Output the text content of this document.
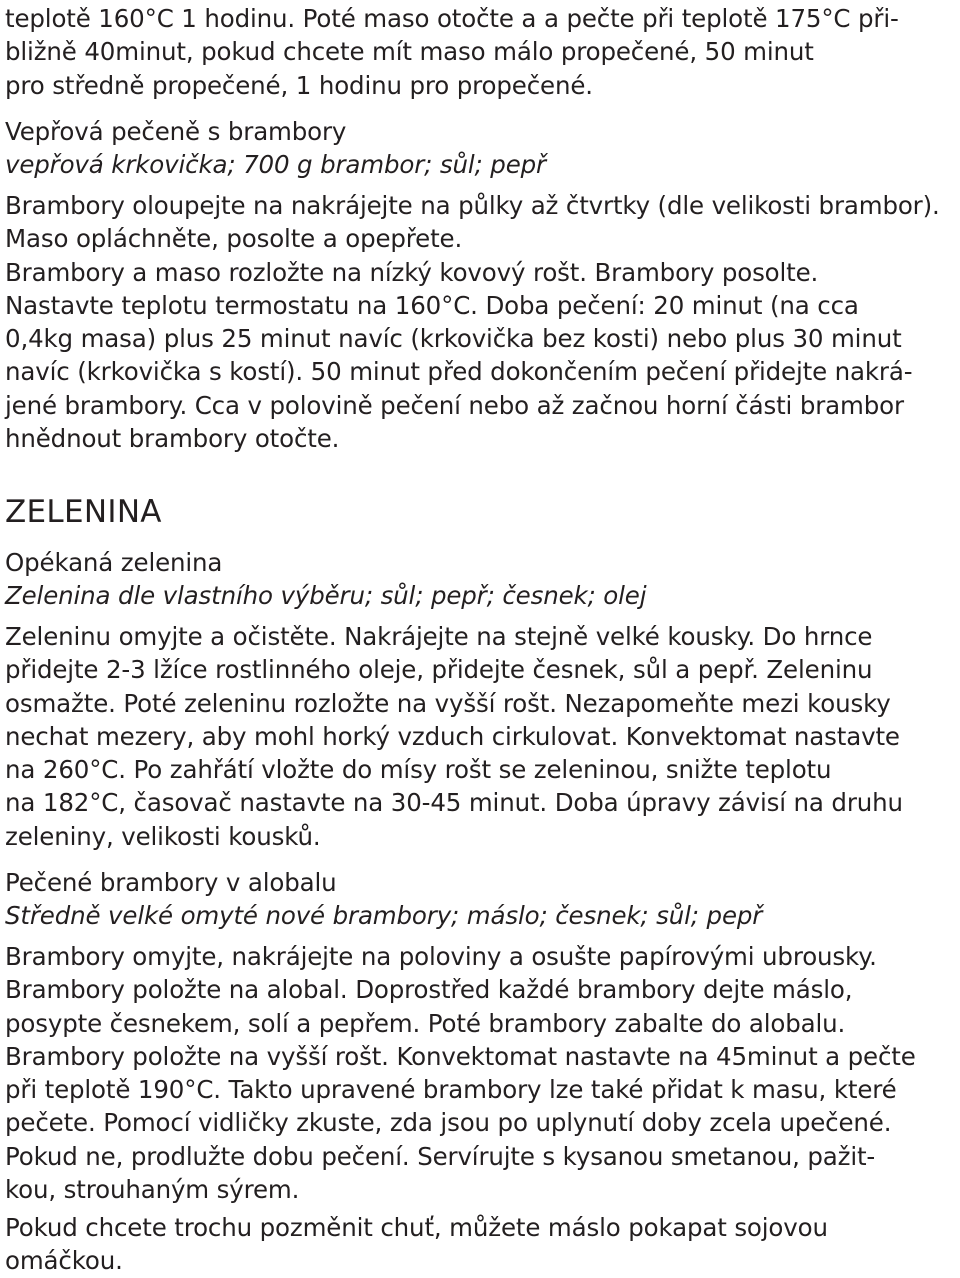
teplotě 160°C 1 hodinu. Poté maso otočte a a pečte při teplotě 175°C při-
bližně 40minut, pokud chcete mít maso málo propečené, 50 minut
pro středně propečené, 1 hodinu pro propečené.
Vepřová pečeně s brambory
vepřová krkovička; 700 g brambor; sůl; pepř
Brambory oloupejte na nakrájejte na půlky až čtvrtky (dle velikosti brambor).
Maso opláchněte, posolte a opepřete.
Brambory a maso rozložte na nízký kovový rošt. Brambory posolte.
Nastavte teplotu termostatu na 160°C. Doba pečení: 20 minut (na cca
0,4kg masa) plus 25 minut navíc (krkovička bez kosti) nebo plus 30 minut
navíc (krkovička s kostí). 50 minut před dokončením pečení přidejte nakrá-
jené brambory. Cca v polovině pečení nebo až začnou horní části brambor
hnědnout brambory otočte.
ZELENINA
Opékaná zelenina
Zelenina dle vlastního výběru; sůl; pepř; česnek; olej
Zeleninu omyjte a očistěte. Nakrájejte na stejně velké kousky. Do hrnce
přidejte 2-3 lžíce rostlinného oleje, přidejte česnek, sůl a pepř. Zeleninu
osmažte. Poté zeleninu rozložte na vyšší rošt. Nezapomeňte mezi kousky
nechat mezery, aby mohl horký vzduch cirkulovat. Konvektomat nastavte
na 260°C. Po zahřátí vložte do mísy rošt se zeleninou, snižte teplotu
na 182°C, časovač nastavte na 30-45 minut. Doba úpravy závisí na druhu
zeleniny, velikosti kousků.
Pečené brambory v alobalu
Středně velké omyté nové brambory; máslo; česnek; sůl; pepř
Brambory omyjte, nakrájejte na poloviny a osušte papírovými ubrousky.
Brambory položte na alobal. Doprostřed každé brambory dejte máslo,
posypte česnekem, solí a pepřem. Poté brambory zabalte do alobalu.
Brambory položte na vyšší rošt. Konvektomat nastavte na 45minut a pečte
při teplotě 190°C. Takto upravené brambory lze také přidat k masu, které
pečete. Pomocí vidličky zkuste, zda jsou po uplynutí doby zcela upečené.
Pokud ne, prodlužte dobu pečení. Servírujte s kysanou smetanou, pažit-
kou, strouhaným sýrem.
Pokud chcete trochu pozměnit chuť, můžete máslo pokapat sojovou
omáčkou.
